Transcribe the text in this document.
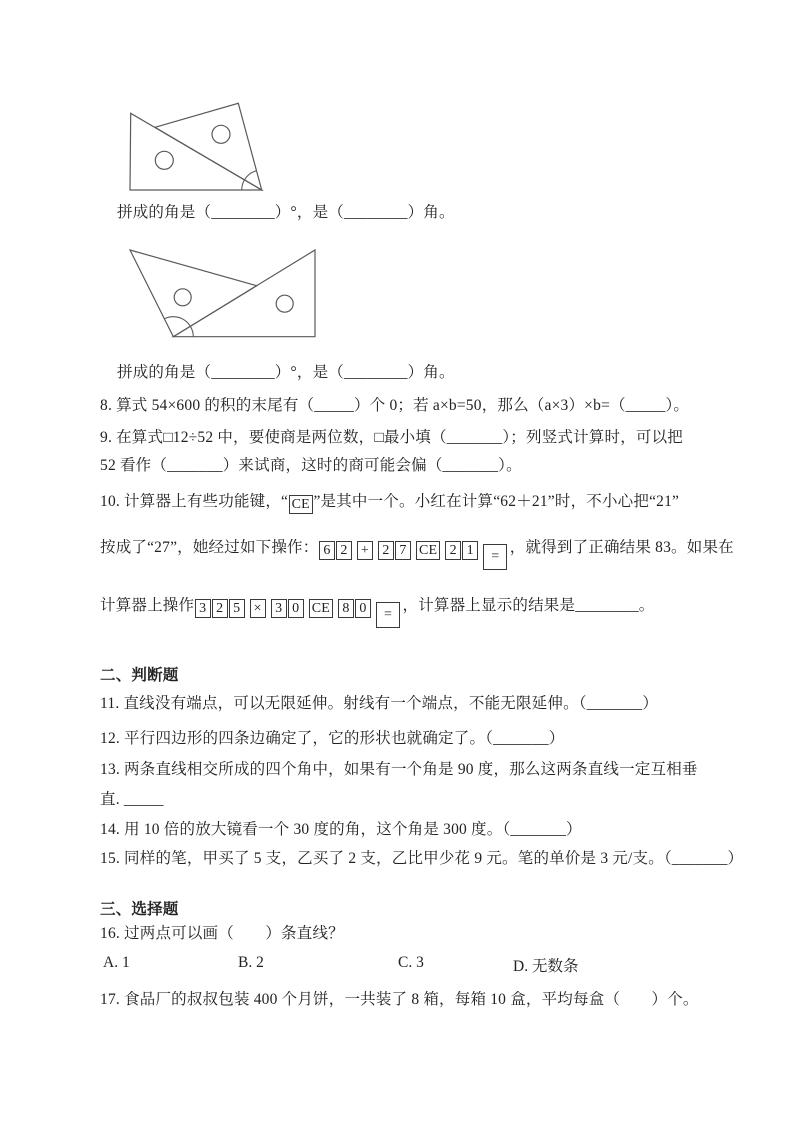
拼成的角是（________）°，是（________）角。
拼成的角是（________）°，是（________）角。
8. 算式 54×600 的积的末尾有（_____）个 0；若 a×b=50，那么（a×3）×b=（_____）。
9. 在算式□12÷52 中，要使商是两位数，□最小填（_______）；列竖式计算时，可以把
52 看作（_______）来试商，这时的商可能会偏（_______）。
10. 计算器上有些功能键，“ CE ”是其中一个。小红在计算“62＋21”时，不小心把“21”
按成了“27”，她经过如下操作： 6 2 + 2 7 CE 2 1 =，就得到了正确结果 83。如果在
计算器上操作 3 2 5 × 3 0 CE 8 0 =，计算器上显示的结果是________。
二、判断题
11. 直线没有端点，可以无限延伸。射线有一个端点，不能无限延伸。（_______）
12. 平行四边形的四条边确定了，它的形状也就确定了。（_______）
13. 两条直线相交所成的四个角中，如果有一个角是 90 度，那么这两条直线一定互相垂
直. _____
14. 用 10 倍的放大镜看一个 30 度的角，这个角是 300 度。（_______）
15. 同样的笔，甲买了 5 支，乙买了 2 支，乙比甲少花 9 元。笔的单价是 3 元/支。（_______）
三、选择题
16. 过两点可以画（　　）条直线？
A. 1	B. 2	C. 3	D. 无数条
17. 食品厂的叔叔包装 400 个月饼，一共装了 8 箱，每箱 10 盒，平均每盒（　　）个。
